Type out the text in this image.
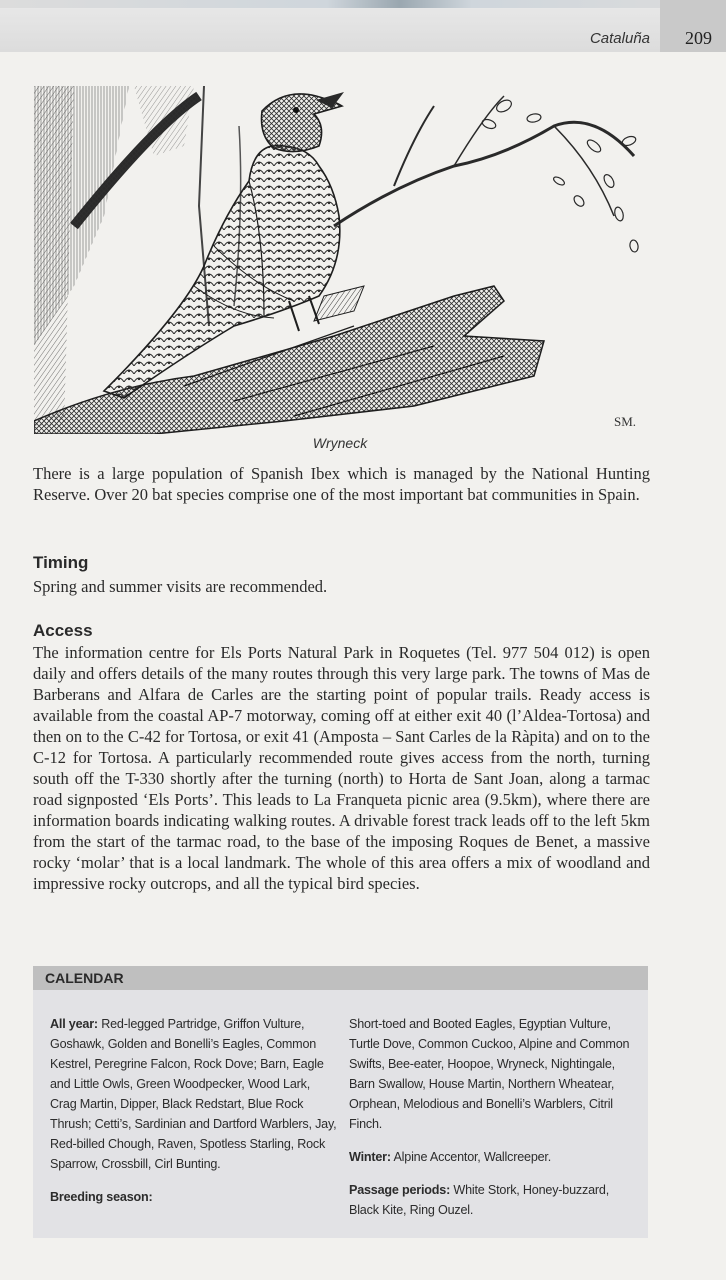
Cataluña 209
SM.
Wryneck

There is a large population of Spanish Ibex which is managed by the National Hunting Reserve. Over 20 bat species comprise one of the most important bat communities in Spain.

Timing

Spring and summer visits are recommended.

Access

The information centre for Els Ports Natural Park in Roquetes (Tel. 977 504 012) is open daily and offers details of the many routes through this very large park. The towns of Mas de Barberans and Alfara de Carles are the starting point of popular trails. Ready access is available from the coastal AP-7 motorway, coming off at either exit 40 (l’Aldea-Tortosa) and then on to the C-42 for Tortosa, or exit 41 (Amposta – Sant Carles de la Ràpita) and on to the C-12 for Tortosa. A particularly recommended route gives access from the north, turning south off the T-330 shortly after the turning (north) to Horta de Sant Joan, along a tarmac road signposted ‘Els Ports’. This leads to La Franqueta picnic area (9.5km), where there are information boards indicating walking routes. A drivable forest track leads off to the left 5km from the start of the tarmac road, to the base of the imposing Roques de Benet, a massive rocky ‘molar’ that is a local landmark. The whole of this area offers a mix of woodland and impressive rocky outcrops, and all the typical bird species.

CALENDAR

All year: Red-legged Partridge, Griffon Vulture, Goshawk, Golden and Bonelli’s Eagles, Common Kestrel, Peregrine Falcon, Rock Dove; Barn, Eagle and Little Owls, Green Woodpecker, Wood Lark, Crag Martin, Dipper, Black Redstart, Blue Rock Thrush; Cetti’s, Sardinian and Dartford Warblers, Jay, Red-billed Chough, Raven, Spotless Starling, Rock Sparrow, Crossbill, Cirl Bunting.

Breeding season:

Short-toed and Booted Eagles, Egyptian Vulture, Turtle Dove, Common Cuckoo, Alpine and Common Swifts, Bee-eater, Hoopoe, Wryneck, Nightingale, Barn Swallow, House Martin, Northern Wheatear, Orphean, Melodious and Bonelli’s Warblers, Citril Finch.

Winter: Alpine Accentor, Wallcreeper.

Passage periods: White Stork, Honey-buzzard, Black Kite, Ring Ouzel.
